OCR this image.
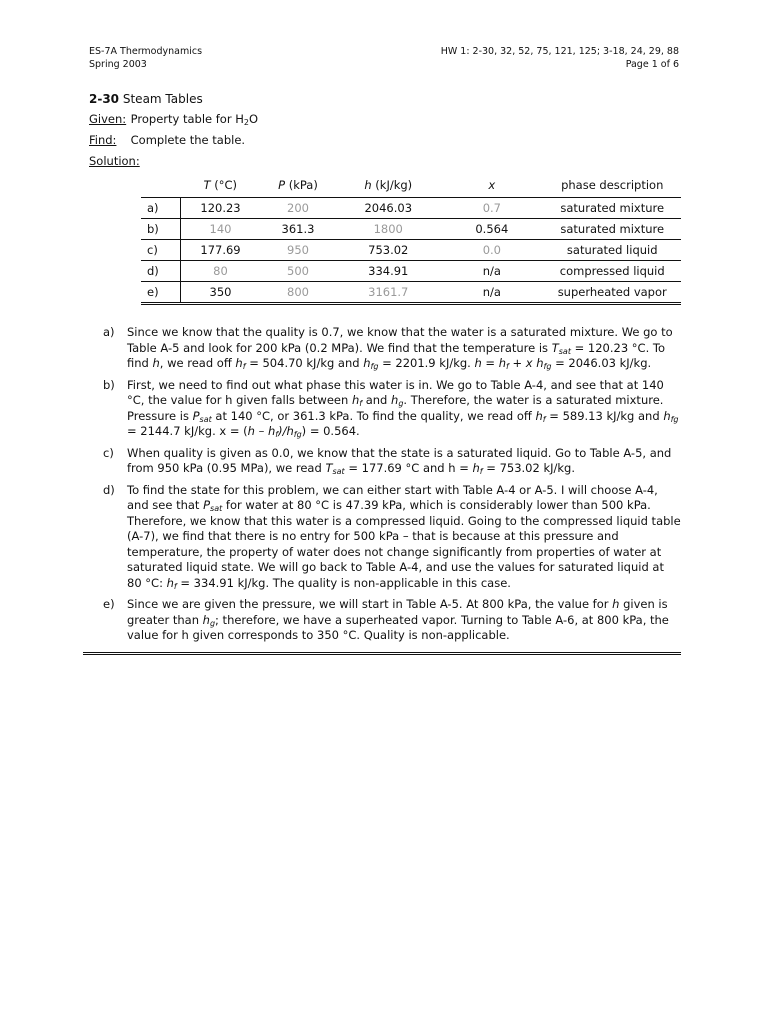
ES-7A Thermodynamics
Spring 2003
HW 1: 2-30, 32, 52, 75, 121, 125; 3-18, 24, 29, 88
Page 1 of 6
2-30 Steam Tables
Given: Property table for $H_2O$
Find: Complete the table.
Solution:
	T (°C)	P (kPa)	h (kJ/kg)	x	phase description
a)	120.23	200	2046.03	0.7	saturated mixture
b)	140	361.3	1800	0.564	saturated mixture
c)	177.69	950	753.02	0.0	saturated liquid
d)	80	500	334.91	n/a	compressed liquid
e)	350	800	3161.7	n/a	superheated vapor
a) Since we know that the quality is 0.7, we know that the water is a saturated mixture. We go to Table A-5 and look for 200 kPa (0.2 MPa). We find that the temperature is $T_{sat} = 120.23$ °C. To find h, we read off $h_f = 504.70$ kJ/kg and $h_{fg} = 2201.9$ kJ/kg. $h = h_f + x$ $h_{fg} = 2046.03$ kJ/kg.
b) First, we need to find out what phase this water is in. We go to Table A-4, and see that at 140 °C, the value for h given falls between $h_f$ and $h_g$. Therefore, the water is a saturated mixture. Pressure is $P_{sat}$ at 140 °C, or 361.3 kPa. To find the quality, we read off $h_f = 589.13$ kJ/kg and $h_{fg} = 2144.7$ kJ/kg. $x = (h - h_f)/h_{fg}) = 0.564$.
c) When quality is given as 0.0, we know that the state is a saturated liquid. Go to Table A-5, and from 950 kPa (0.95 MPa), we read $T_{sat} = 177.69$ °C and $h = h_f = 753.02$ kJ/kg.
d) To find the state for this problem, we can either start with Table A-4 or A-5. I will choose A-4, and see that $P_{sat}$ for water at 80 °C is 47.39 kPa, which is considerably lower than 500 kPa. Therefore, we know that this water is a compressed liquid. Going to the compressed liquid table (A-7), we find that there is no entry for 500 kPa – that is because at this pressure and temperature, the property of water does not change significantly from properties of water at saturated liquid state. We will go back to Table A-4, and use the values for saturated liquid at 80 °C: $h_f = 334.91$ kJ/kg. The quality is non-applicable in this case.
e) Since we are given the pressure, we will start in Table A-5. At 800 kPa, the value for h given is greater than $h_g$; therefore, we have a superheated vapor. Turning to Table A-6, at 800 kPa, the value for h given corresponds to 350 °C. Quality is non-applicable.
